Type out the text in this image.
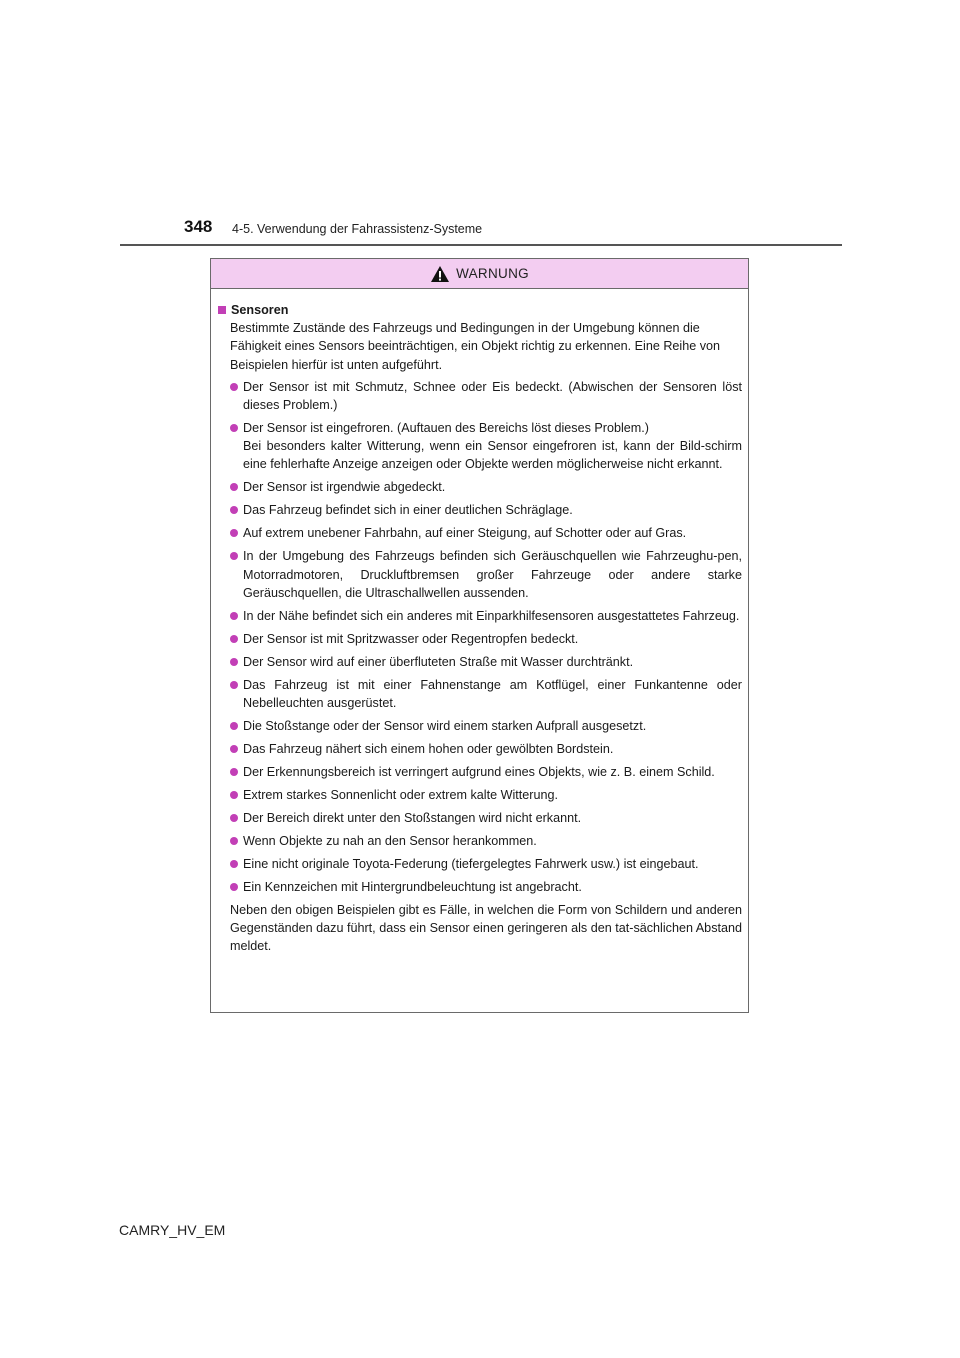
348 4-5. Verwendung der Fahrassistenz-Systeme
WARNUNG
Sensoren
Bestimmte Zustände des Fahrzeugs und Bedingungen in der Umgebung können die Fähigkeit eines Sensors beeinträchtigen, ein Objekt richtig zu erkennen. Eine Reihe von Beispielen hierfür ist unten aufgeführt.
Der Sensor ist mit Schmutz, Schnee oder Eis bedeckt. (Abwischen der Sensoren löst dieses Problem.)
Der Sensor ist eingefroren. (Auftauen des Bereichs löst dieses Problem.)
Bei besonders kalter Witterung, wenn ein Sensor eingefroren ist, kann der Bild-schirm eine fehlerhafte Anzeige anzeigen oder Objekte werden möglicherweise nicht erkannt.
Der Sensor ist irgendwie abgedeckt.
Das Fahrzeug befindet sich in einer deutlichen Schräglage.
Auf extrem unebener Fahrbahn, auf einer Steigung, auf Schotter oder auf Gras.
In der Umgebung des Fahrzeugs befinden sich Geräuschquellen wie Fahrzeughu-pen, Motorradmotoren, Druckluftbremsen großer Fahrzeuge oder andere starke Geräuschquellen, die Ultraschallwellen aussenden.
In der Nähe befindet sich ein anderes mit Einparkhilfesensoren ausgestattetes Fahrzeug.
Der Sensor ist mit Spritzwasser oder Regentropfen bedeckt.
Der Sensor wird auf einer überfluteten Straße mit Wasser durchtränkt.
Das Fahrzeug ist mit einer Fahnenstange am Kotflügel, einer Funkantenne oder Nebelleuchten ausgerüstet.
Die Stoßstange oder der Sensor wird einem starken Aufprall ausgesetzt.
Das Fahrzeug nähert sich einem hohen oder gewölbten Bordstein.
Der Erkennungsbereich ist verringert aufgrund eines Objekts, wie z. B. einem Schild.
Extrem starkes Sonnenlicht oder extrem kalte Witterung.
Der Bereich direkt unter den Stoßstangen wird nicht erkannt.
Wenn Objekte zu nah an den Sensor herankommen.
Eine nicht originale Toyota-Federung (tiefergelegtes Fahrwerk usw.) ist eingebaut.
Ein Kennzeichen mit Hintergrundbeleuchtung ist angebracht.
Neben den obigen Beispielen gibt es Fälle, in welchen die Form von Schildern und anderen Gegenständen dazu führt, dass ein Sensor einen geringeren als den tat-sächlichen Abstand meldet.
CAMRY_HV_EM
